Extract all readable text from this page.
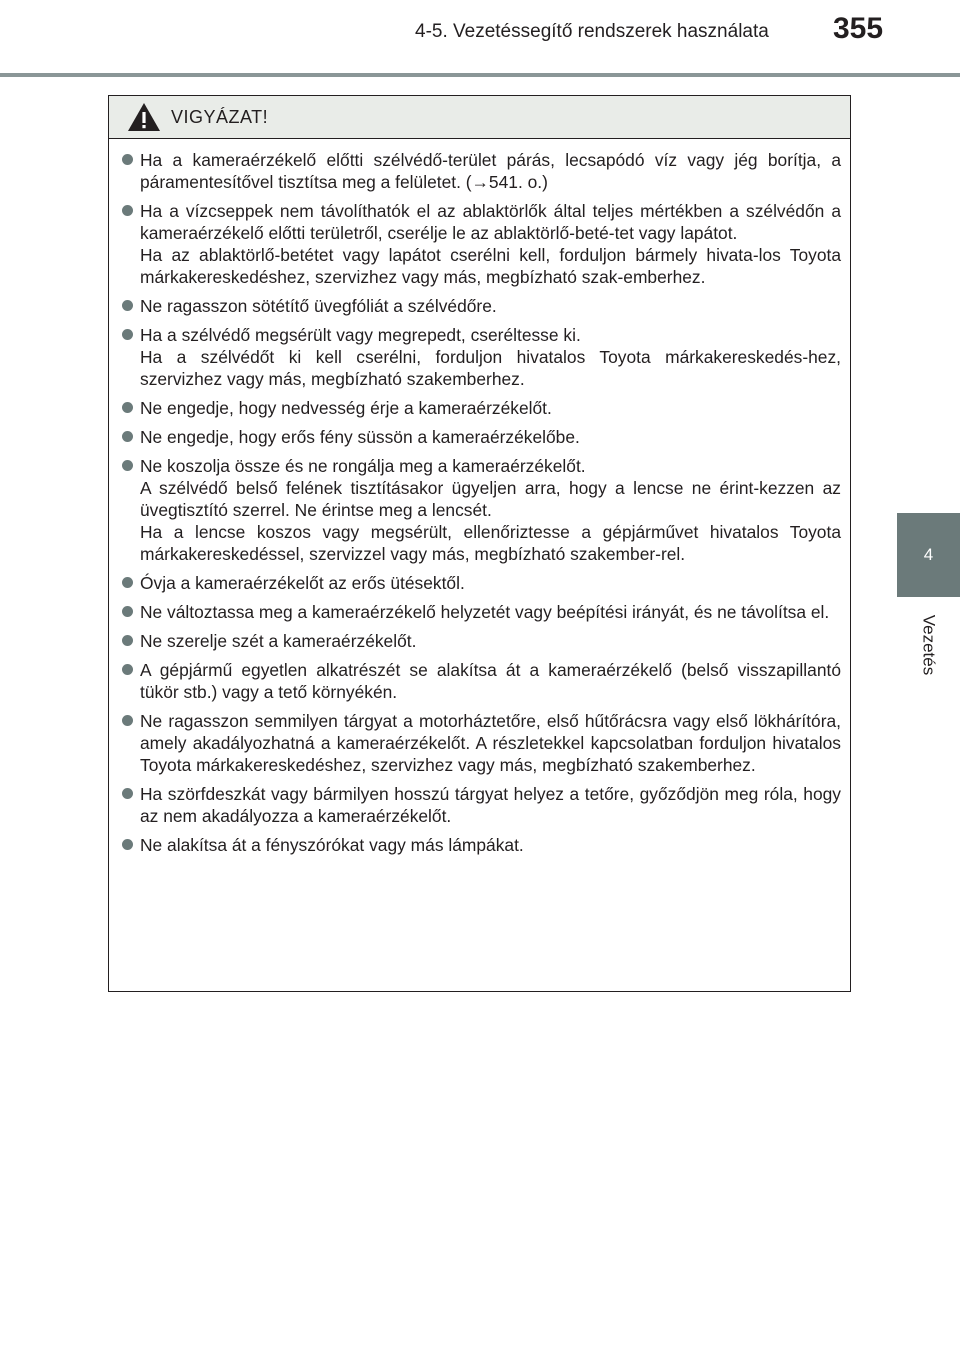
4-5. Vezetéssegítő rendszerek használata 355
4
Vezetés
VIGYÁZAT!
Ha a kameraérzékelő előtti szélvédő-terület párás, lecsapódó víz vagy jég borítja, a páramentesítővel tisztítsa meg a felületet. (→541. o.)
Ha a vízcseppek nem távolíthatók el az ablaktörlők által teljes mértékben a szélvédőn a kameraérzékelő előtti területről, cserélje le az ablaktörlő-beté-tet vagy lapátot.
Ha az ablaktörlő-betétet vagy lapátot cserélni kell, forduljon bármely hivata-los Toyota márkakereskedéshez, szervizhez vagy más, megbízható szak-emberhez.
Ne ragasszon sötétítő üvegfóliát a szélvédőre.
Ha a szélvédő megsérült vagy megrepedt, cseréltesse ki.
Ha a szélvédőt ki kell cserélni, forduljon hivatalos Toyota márkakereskedés-hez, szervizhez vagy más, megbízható szakemberhez.
Ne engedje, hogy nedvesség érje a kameraérzékelőt.
Ne engedje, hogy erős fény süssön a kameraérzékelőbe.
Ne koszolja össze és ne rongálja meg a kameraérzékelőt.
A szélvédő belső felének tisztításakor ügyeljen arra, hogy a lencse ne érint-kezzen az üvegtisztító szerrel. Ne érintse meg a lencsét.
Ha a lencse koszos vagy megsérült, ellenőriztesse a gépjárművet hivatalos Toyota márkakereskedéssel, szervizzel vagy más, megbízható szakember-rel.
Óvja a kameraérzékelőt az erős ütésektől.
Ne változtassa meg a kameraérzékelő helyzetét vagy beépítési irányát, és ne távolítsa el.
Ne szerelje szét a kameraérzékelőt.
A gépjármű egyetlen alkatrészét se alakítsa át a kameraérzékelő (belső visszapillantó tükör stb.) vagy a tető környékén.
Ne ragasszon semmilyen tárgyat a motorháztetőre, első hűtőrácsra vagy első lökhárítóra, amely akadályozhatná a kameraérzékelőt. A részletekkel kapcsolatban forduljon hivatalos Toyota márkakereskedéshez, szervizhez vagy más, megbízható szakemberhez.
Ha szörfdeszkát vagy bármilyen hosszú tárgyat helyez a tetőre, győződjön meg róla, hogy az nem akadályozza a kameraérzékelőt.
Ne alakítsa át a fényszórókat vagy más lámpákat.
